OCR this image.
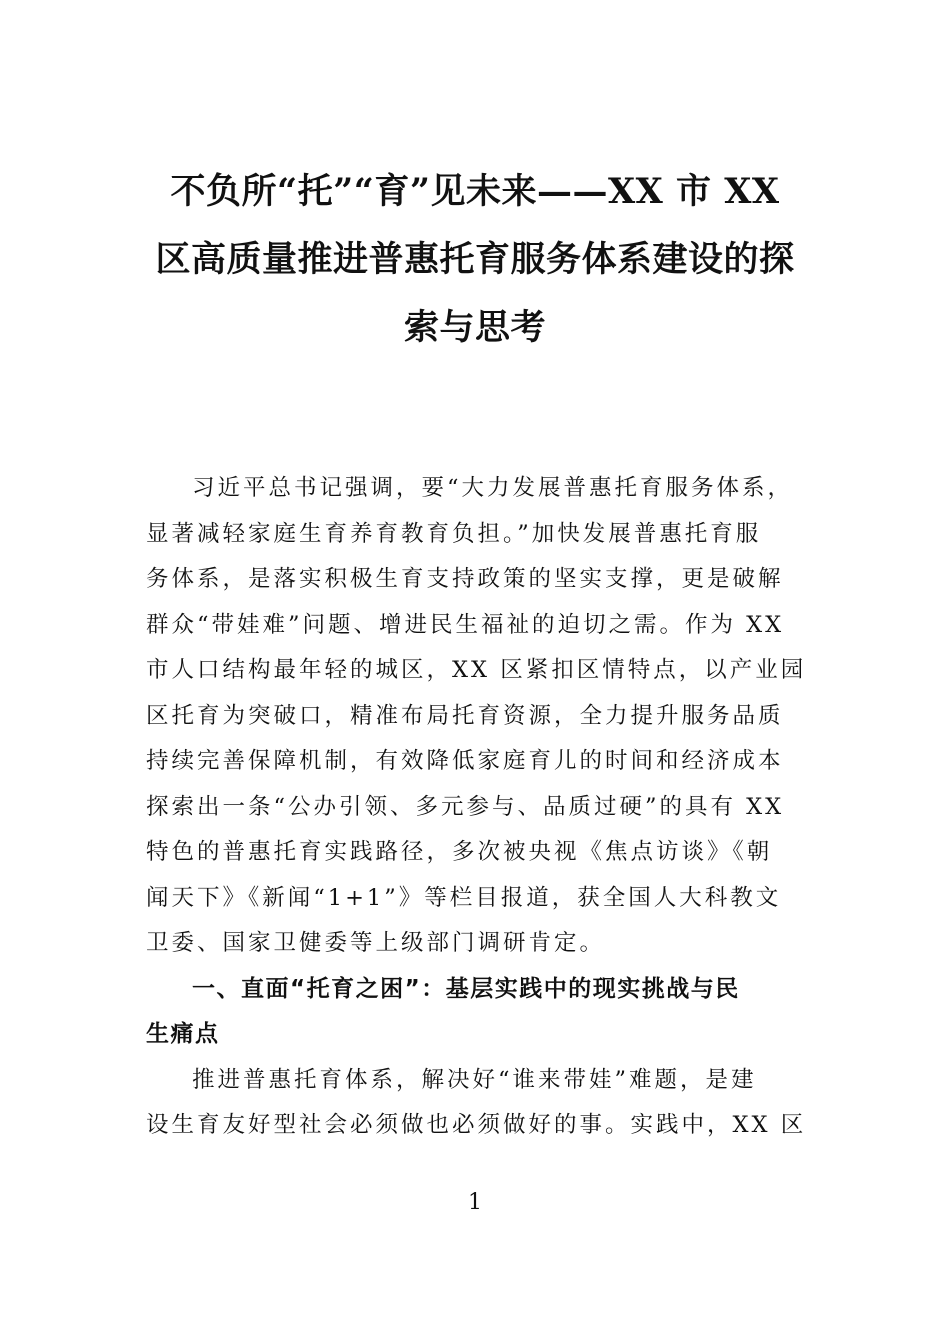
不负所“托”“育”见未来——XX 市 XX
区高质量推进普惠托育服务体系建设的探
索与思考
习近平总书记强调，要“大力发展普惠托育服务体系，
显著减轻家庭生育养育教育负担。”加快发展普惠托育服
务体系，是落实积极生育支持政策的坚实支撑，更是破解
群众“带娃难”问题、增进民生福祉的迫切之需。作为 XX
市人口结构最年轻的城区，XX 区紧扣区情特点，以产业园
区托育为突破口，精准布局托育资源，全力提升服务品质
持续完善保障机制，有效降低家庭育儿的时间和经济成本
探索出一条“公办引领、多元参与、品质过硬”的具有 XX
特色的普惠托育实践路径，多次被央视《焦点访谈》《朝
闻天下》《新闻“1+1”》等栏目报道，获全国人大科教文
卫委、国家卫健委等上级部门调研肯定。
一、直面“托育之困”：基层实践中的现实挑战与民
生痛点
推进普惠托育体系，解决好“谁来带娃”难题，是建
设生育友好型社会必须做也必须做好的事。实践中，XX 区
1
